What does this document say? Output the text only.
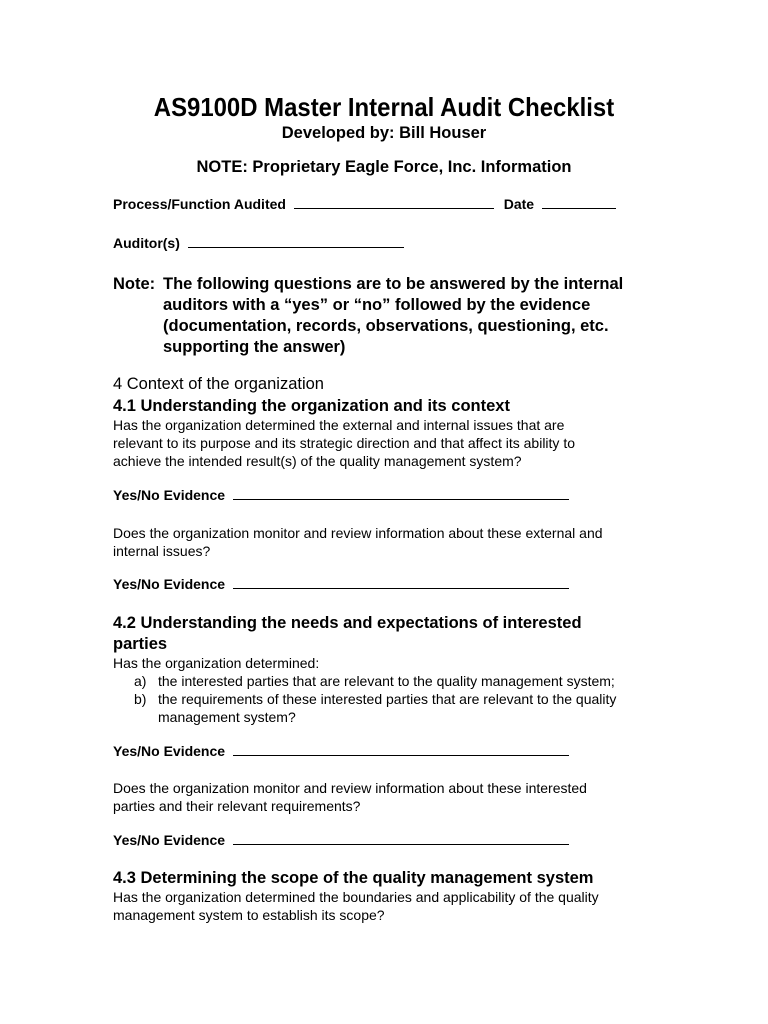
AS9100D Master Internal Audit Checklist
Developed by: Bill Houser
NOTE: Proprietary Eagle Force, Inc. Information
Process/Function Audited	Date
Auditor(s)
Note: The following questions are to be answered by the internal
auditors with a “yes” or “no” followed by the evidence
(documentation, records, observations, questioning, etc.
supporting the answer)
4 Context of the organization
4.1 Understanding the organization and its context
Has the organization determined the external and internal issues that are
relevant to its purpose and its strategic direction and that affect its ability to
achieve the intended result(s) of the quality management system?
Yes/No Evidence
Does the organization monitor and review information about these external and
internal issues?
Yes/No Evidence
4.2 Understanding the needs and expectations of interested
parties
Has the organization determined:
a) the interested parties that are relevant to the quality management system;
b) the requirements of these interested parties that are relevant to the quality
management system?
Yes/No Evidence
Does the organization monitor and review information about these interested
parties and their relevant requirements?
Yes/No Evidence
4.3 Determining the scope of the quality management system
Has the organization determined the boundaries and applicability of the quality
management system to establish its scope?
